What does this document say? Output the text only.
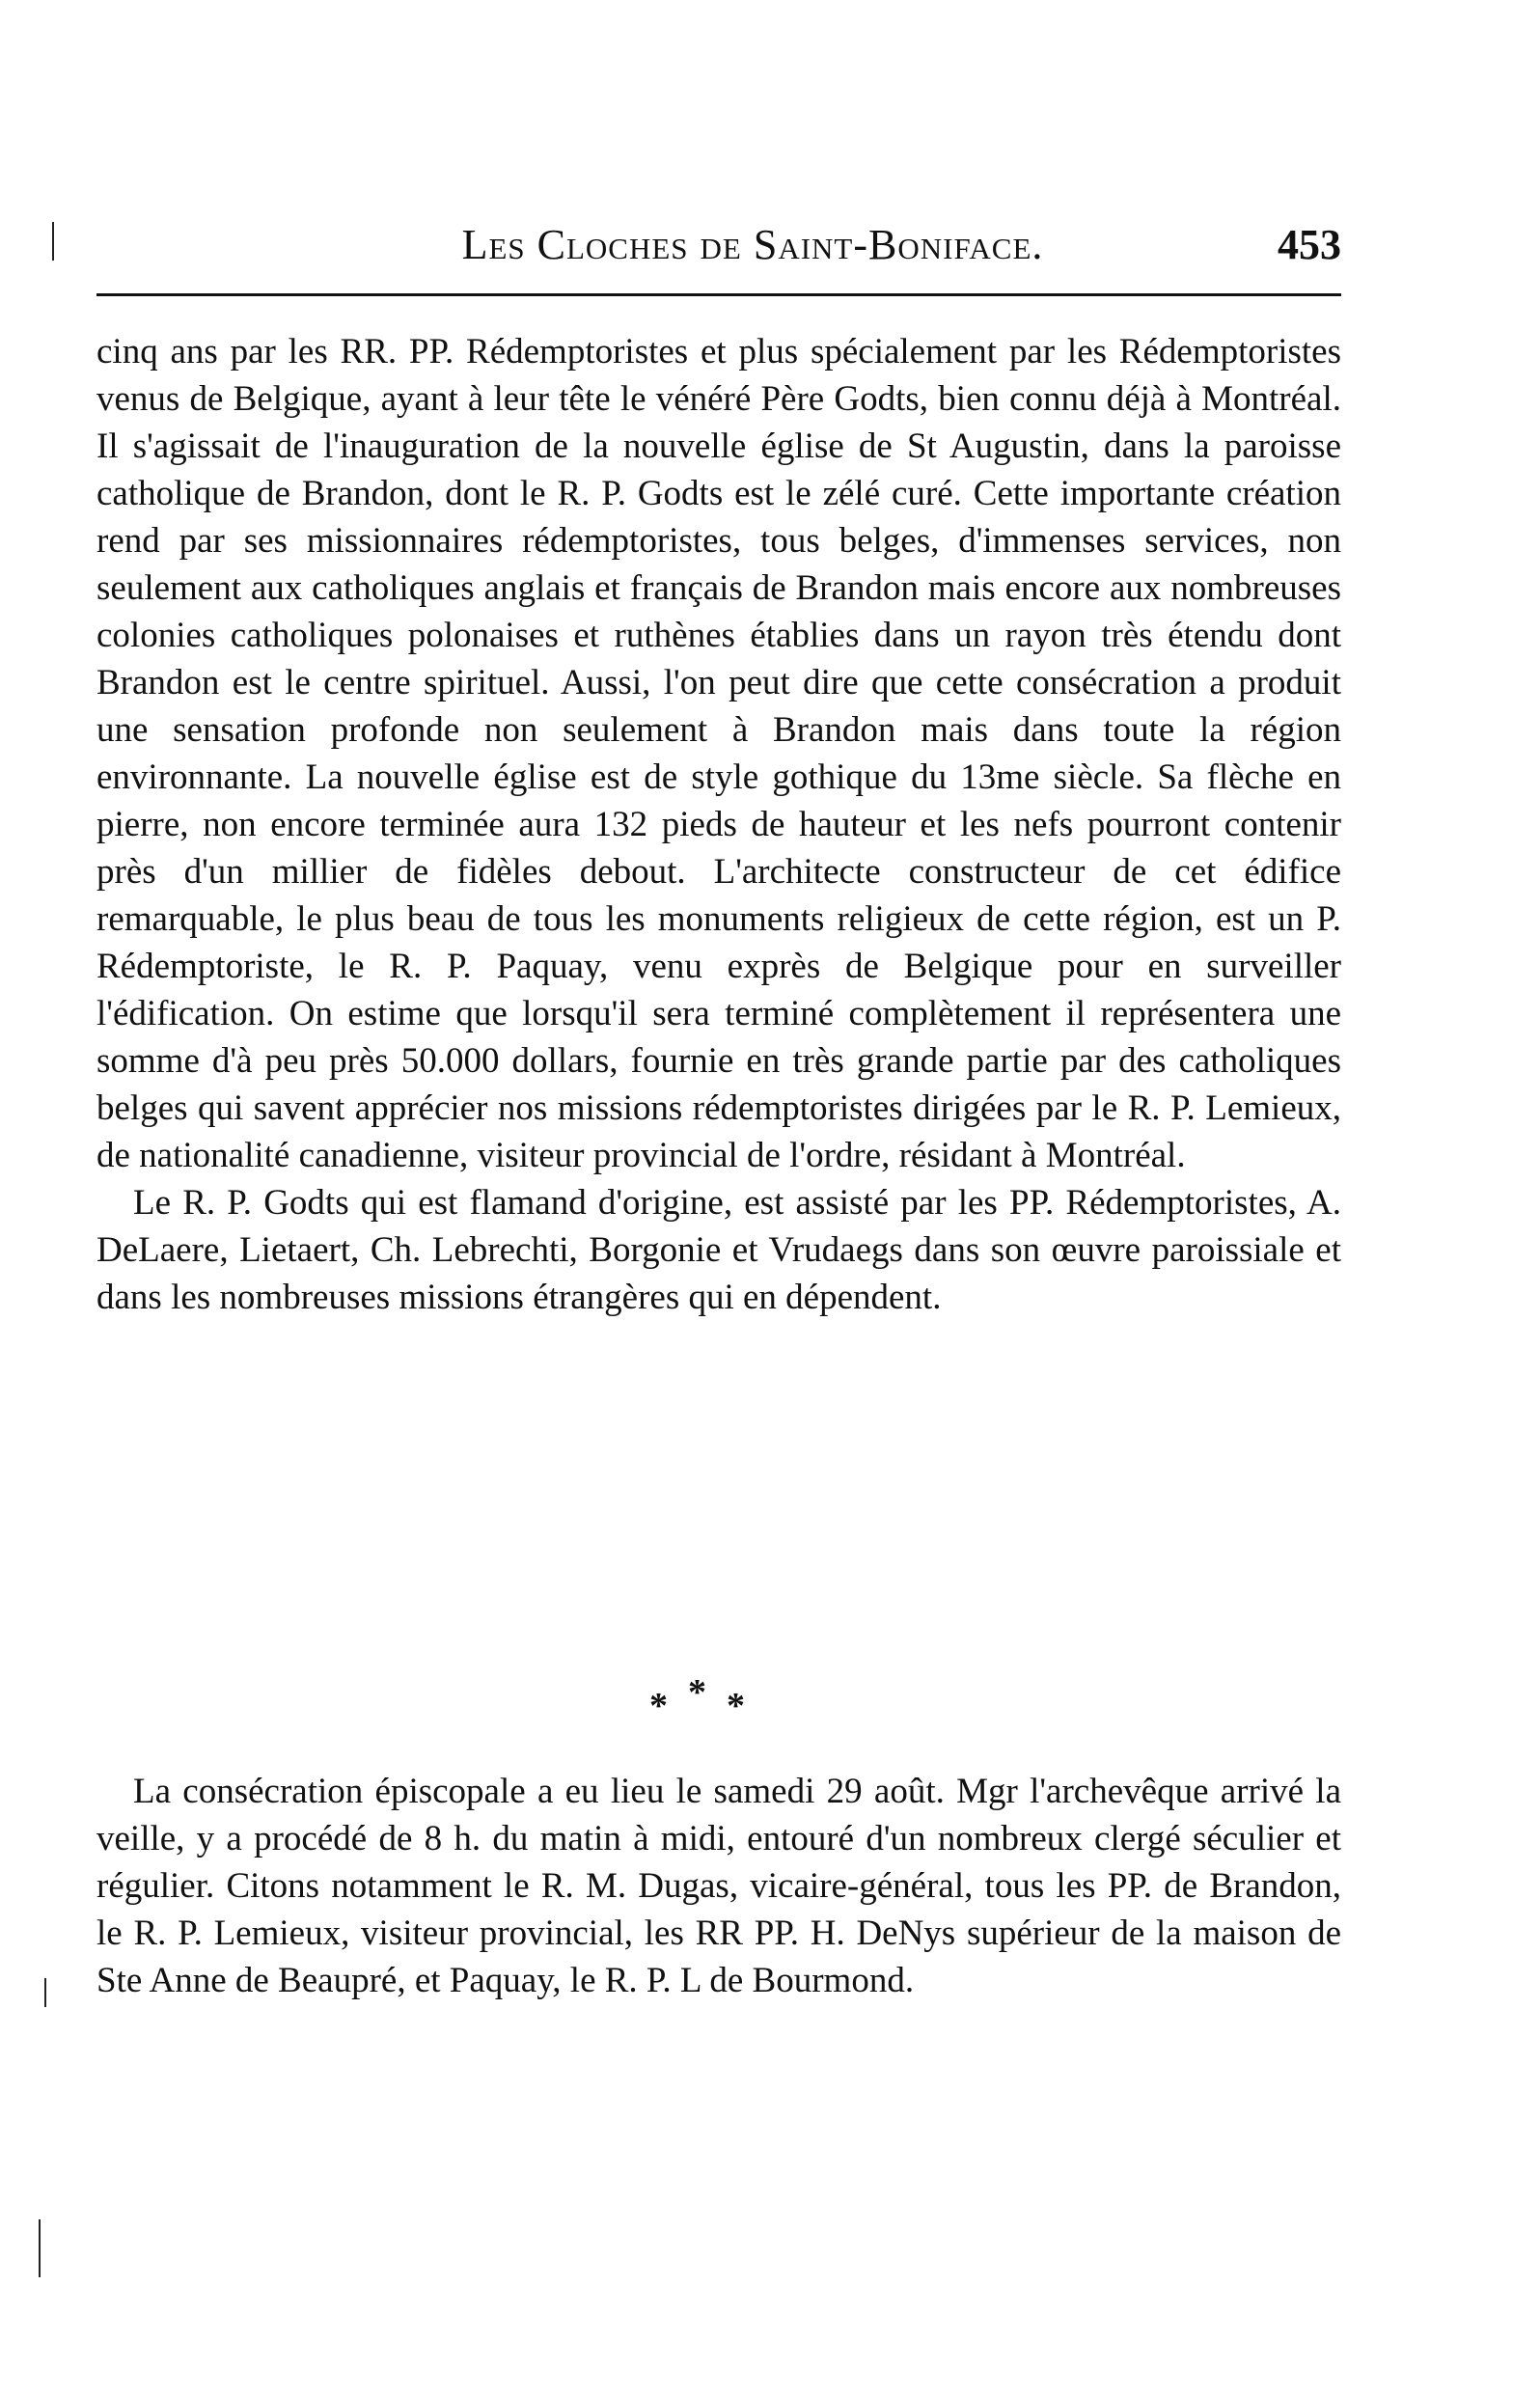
Les Cloches de Saint-Boniface.	453

cinq ans par les RR. PP. Rédemptoristes et plus spécialement par les Rédemptoristes venus de Belgique, ayant à leur tête le vénéré Père Godts, bien connu déjà à Montréal. Il s'agissait de l'inauguration de la nouvelle église de St Augustin, dans la paroisse catholique de Brandon, dont le R. P. Godts est le zélé curé. Cette importante création rend par ses missionnaires rédemptoristes, tous belges, d'immenses services, non seulement aux catholiques anglais et français de Brandon mais encore aux nombreuses colonies catholiques polonaises et ruthènes établies dans un rayon très étendu dont Brandon est le centre spirituel. Aussi, l'on peut dire que cette consécration a produit une sensation profonde non seulement à Brandon mais dans toute la région environnante. La nouvelle église est de style gothique du 13me siècle. Sa flèche en pierre, non encore terminée aura 132 pieds de hauteur et les nefs pourront contenir près d'un millier de fidèles debout. L'architecte constructeur de cet édifice remarquable, le plus beau de tous les monuments religieux de cette région, est un P. Rédemptoriste, le R. P. Paquay, venu exprès de Belgique pour en surveiller l'édification. On estime que lorsqu'il sera terminé complètement il représentera une somme d'à peu près 50.000 dollars, fournie en très grande partie par des catholiques belges qui savent apprécier nos missions rédemptoristes dirigées par le R. P. Lemieux, de nationalité canadienne, visiteur provincial de l'ordre, résidant à Montréal.

Le R. P. Godts qui est flamand d'origine, est assisté par les PP. Rédemptoristes, A. DeLaere, Lietaert, Ch. Lebrechti, Borgonie et Vrudaegs dans son œuvre paroissiale et dans les nombreuses missions étrangères qui en dépendent.

* * *

La consécration épiscopale a eu lieu le samedi 29 août. Mgr l'archevêque arrivé la veille, y a procédé de 8 h. du matin à midi, entouré d'un nombreux clergé séculier et régulier. Citons notamment le R. M. Dugas, vicaire-général, tous les PP. de Brandon, le R. P. Lemieux, visiteur provincial, les RR PP. H. DeNys supérieur de la maison de Ste Anne de Beaupré, et Paquay, le R. P. L de Bourmond.
